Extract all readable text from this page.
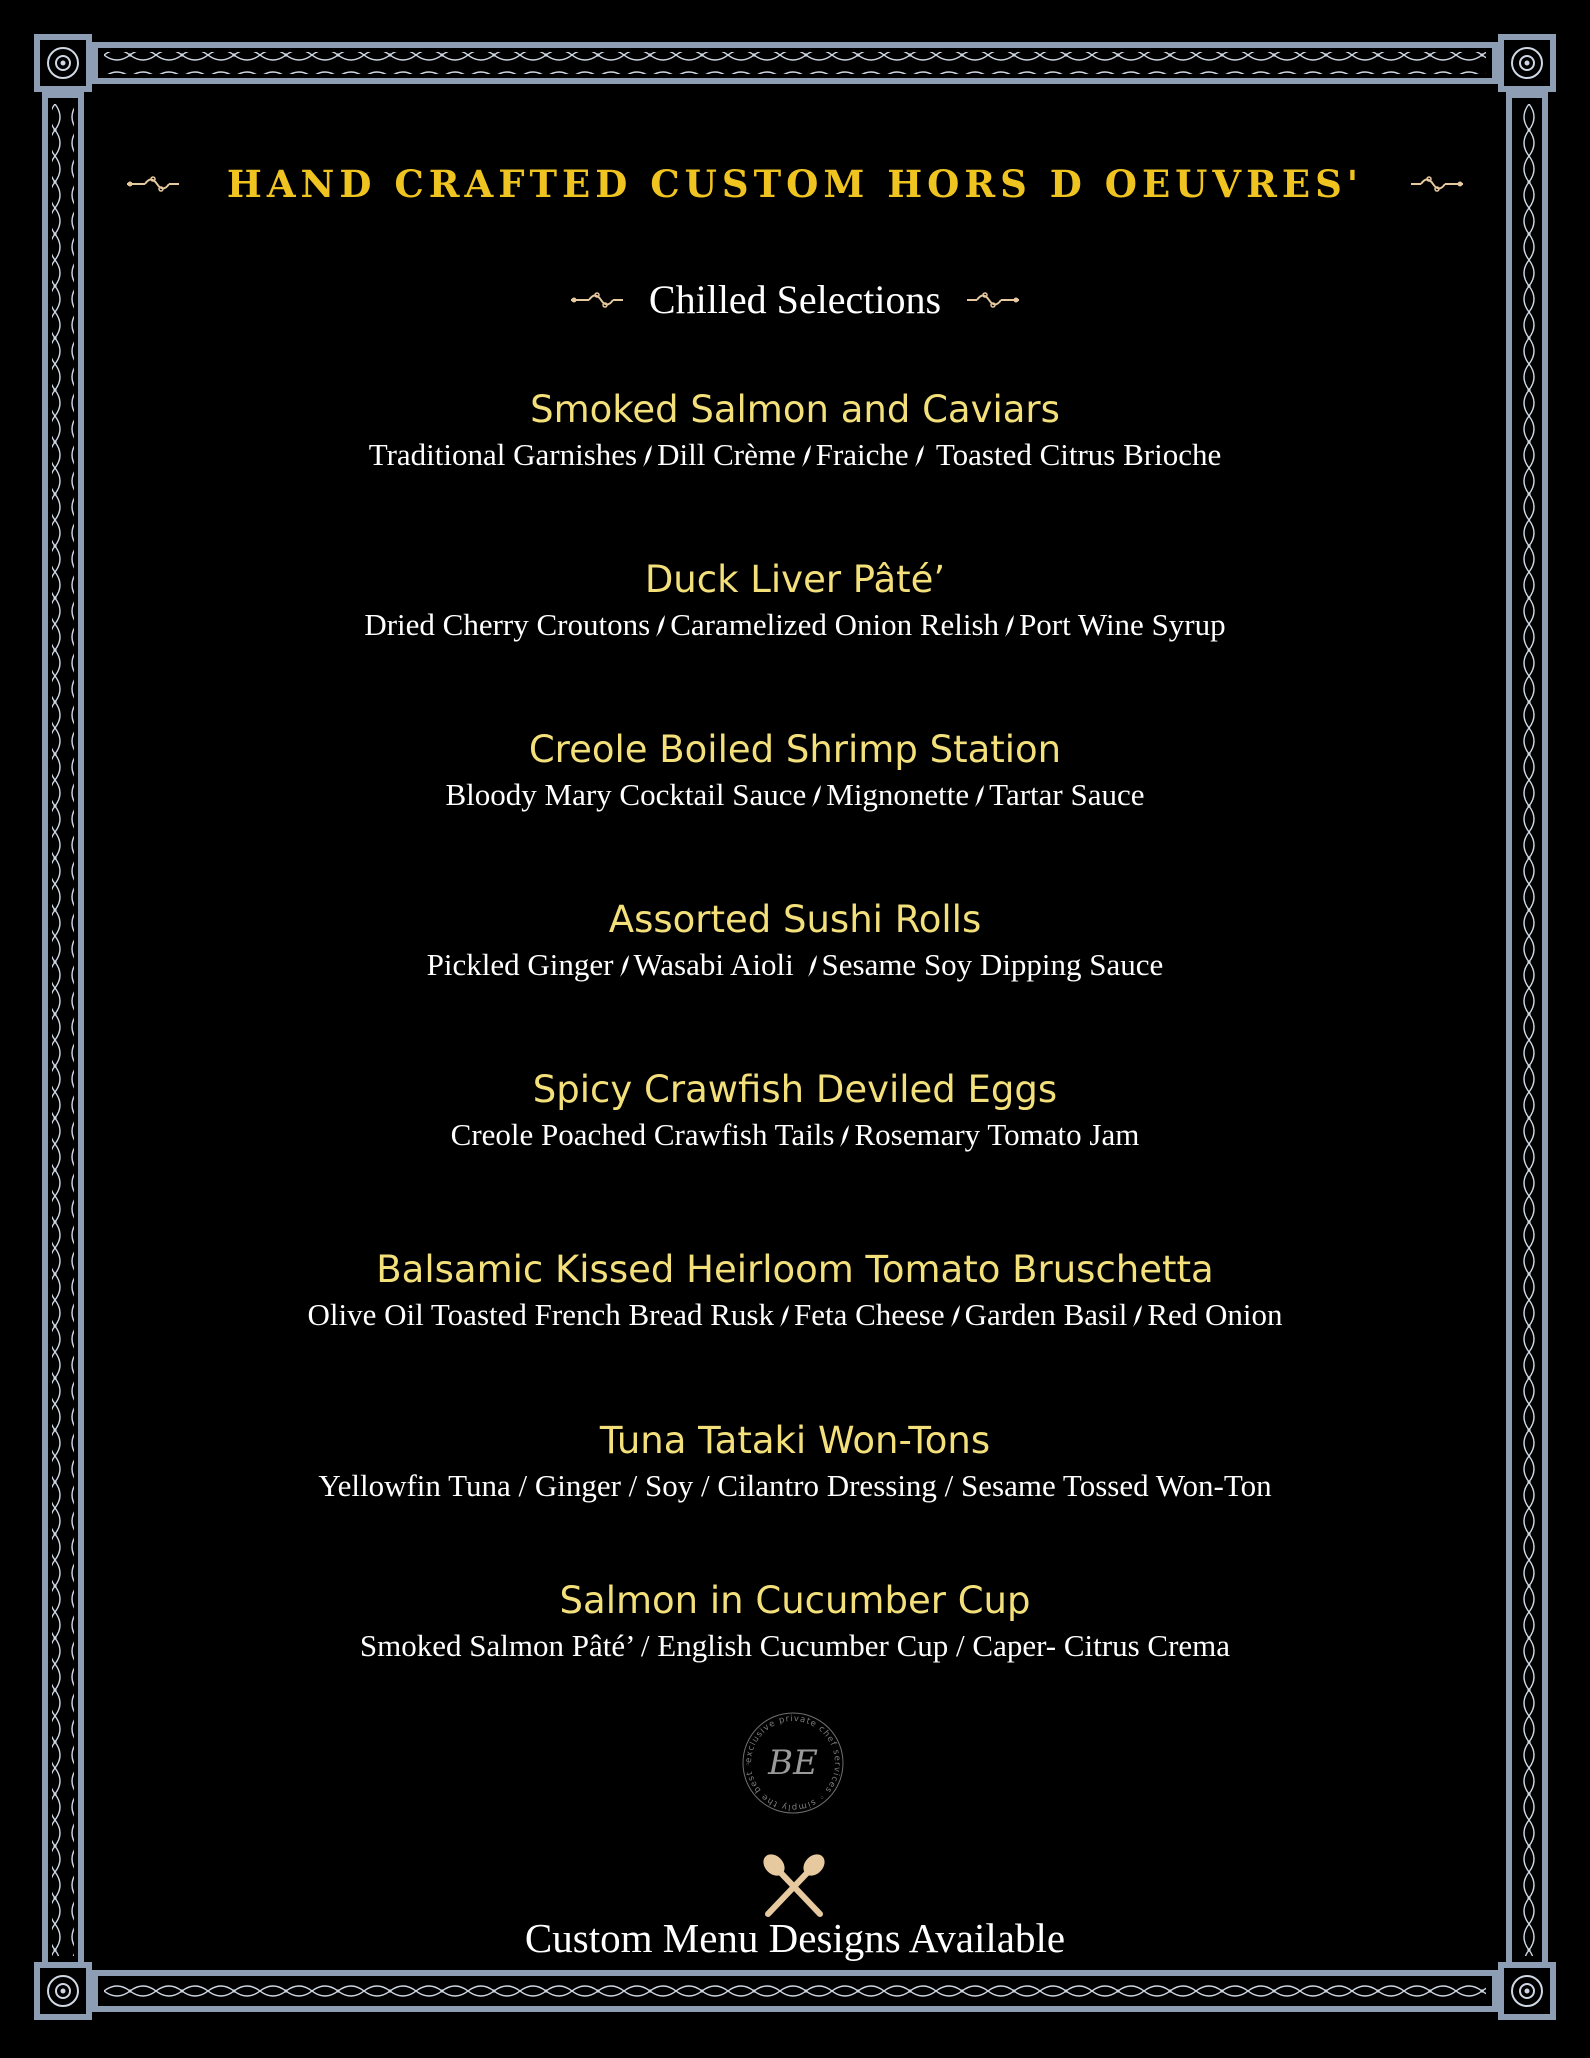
HAND CRAFTED CUSTOM HORS D OEUVRES'
Chilled Selections
Smoked Salmon and Caviars
Traditional Garnishes Dill Crème Fraiche Toasted Citrus Brioche
Duck Liver Pâté’
Dried Cherry Croutons Caramelized Onion Relish Port Wine Syrup
Creole Boiled Shrimp Station
Bloody Mary Cocktail Sauce Mignonette Tartar Sauce
Assorted Sushi Rolls
Pickled Ginger Wasabi Aioli Sesame Soy Dipping Sauce
Spicy Crawfish Deviled Eggs
Creole Poached Crawfish Tails Rosemary Tomato Jam
Balsamic Kissed Heirloom Tomato Bruschetta
Olive Oil Toasted French Bread Rusk Feta Cheese Garden Basil Red Onion
Tuna Tataki Won-Tons
Yellowfin Tuna / Ginger / Soy / Cilantro Dressing / Sesame Tossed Won-Ton
Salmon in Cucumber Cup
Smoked Salmon Pâté’ / English Cucumber Cup / Caper- Citrus Crema
exclusive private chef services ◦ simply the best ◦ BE
Custom Menu Designs Available
